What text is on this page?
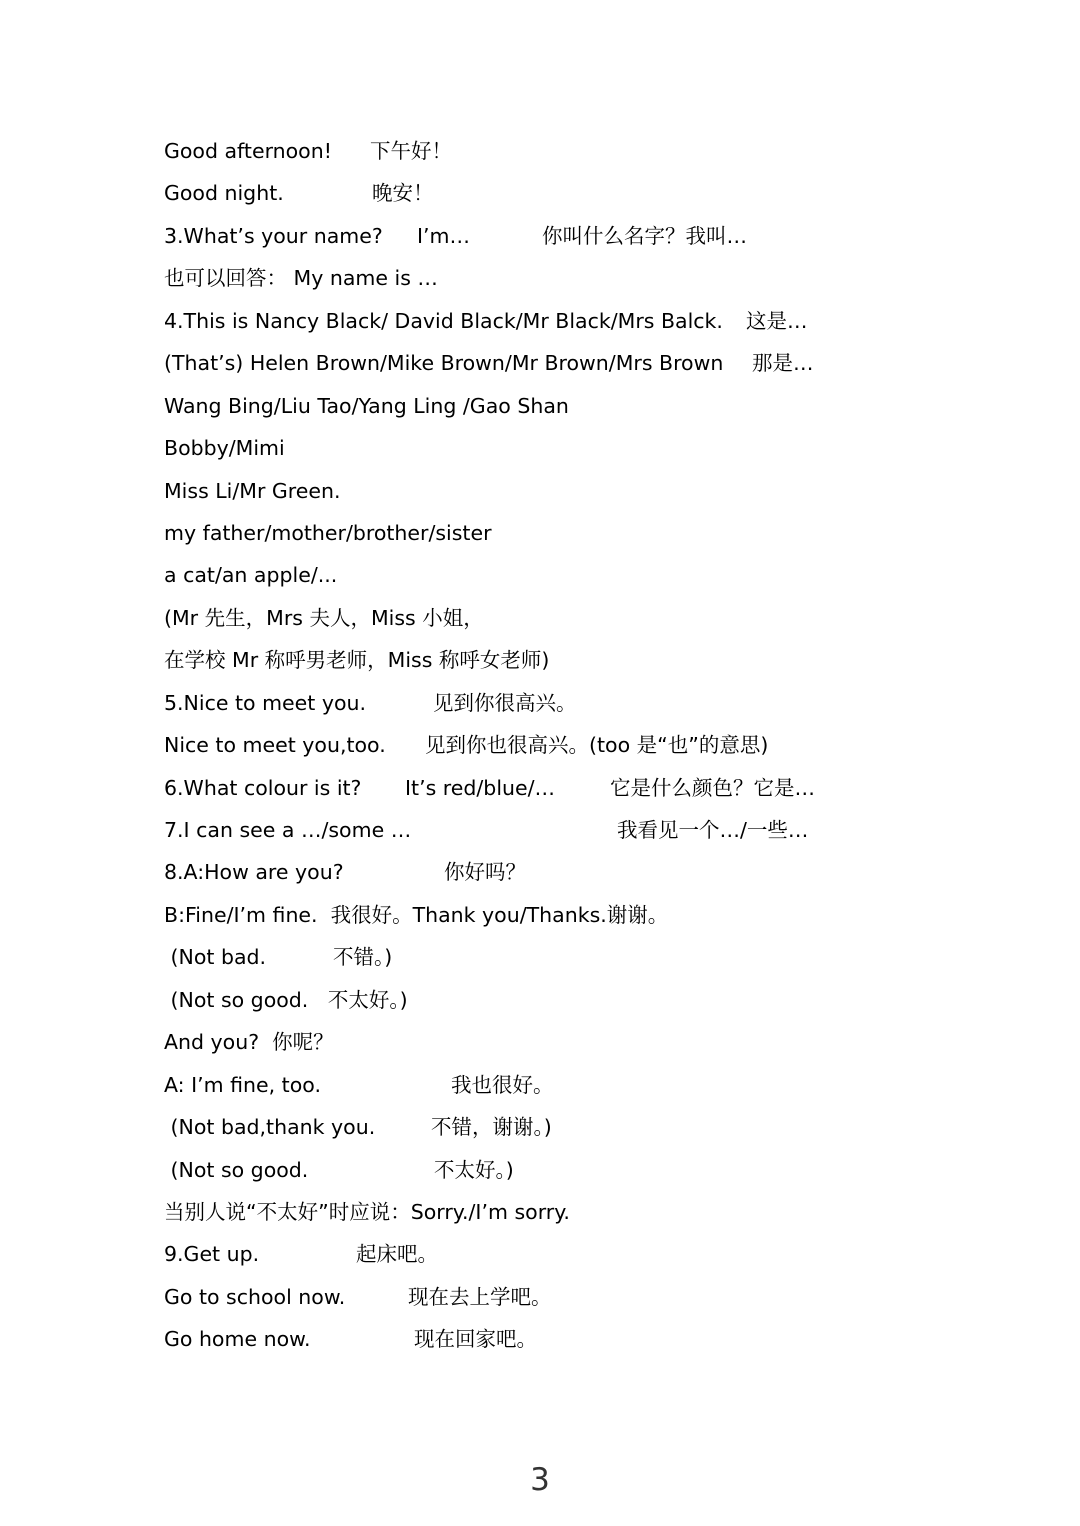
Good afternoon!

下午好！

Good night.

	晚安！

3.What’s your name?

I’m…

	你叫什么名字？我叫…

也可以回答： My name is …

4.This is Nancy Black/ David Black/Mr Black/Mrs Balck.

这是…

(That’s) Helen Brown/Mike Brown/Mr Brown/Mrs Brown

那是…

Wang Bing/Liu Tao/Yang Ling /Gao Shan

Bobby/Mimi

Miss Li/Mr Green.

my father/mother/brother/sister

a cat/an apple/...

(Mr 先生，Mrs 夫人，Miss 小姐，

在学校 Mr 称呼男老师，Miss 称呼女老师)

5.Nice to meet you.

	见到你很高兴。

Nice to meet you,too.

见到你也很高兴。(too 是“也”的意思)

6.What colour is it?

It’s red/blue/…

	它是什么颜色？它是…

7.I can see a …/some …

	我看见一个…/一些…

8.A:How are you?

	你好吗？

B:Fine/I’m fine.  我很好。Thank you/Thanks.谢谢。

(Not bad.

	不错。)

(Not so good.   不太好。)

And you?  你呢？

A: I’m fine, too.

	我也很好。

(Not bad,thank you.

	不错，谢谢。)

(Not so good.

	不太好。)

当别人说“不太好”时应说：Sorry./I’m sorry.

9.Get up.

	起床吧。

Go to school now.

	现在去上学吧。

Go home now.

	现在回家吧。

3
